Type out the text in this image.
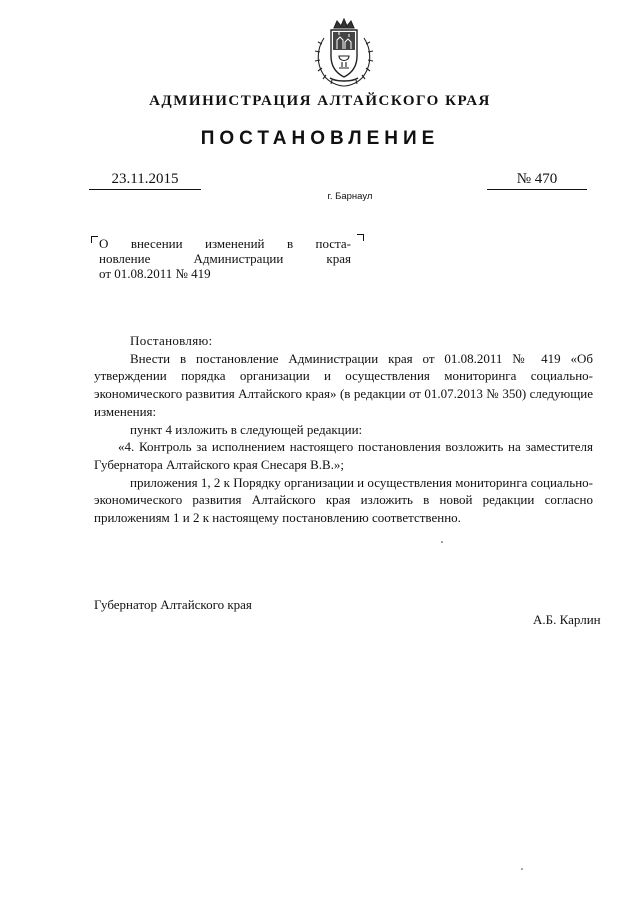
АДМИНИСТРАЦИЯ АЛТАЙСКОГО КРАЯ
ПОСТАНОВЛЕНИЕ
23.11.2015	№ 470
г. Барнаул
О внесении изменений в поста-
новление Администрации края
от 01.08.2011 № 419

Постановляю:

Внести в постановление Администрации края от 01.08.2011 № 419 «Об утверждении порядка организации и осуществления мониторинга социально-экономического развития Алтайского края» (в редакции от 01.07.2013 № 350) следующие изменения:

пункт 4 изложить в следующей редакции:

«4. Контроль за исполнением настоящего постановления возложить на заместителя Губернатора Алтайского края Снесаря В.В.»;

приложения 1, 2 к Порядку организации и осуществления мониторинга социально-экономического развития Алтайского края изложить в новой редакции согласно приложениям 1 и 2 к настоящему постановлению соответственно.

Губернатор Алтайского края
А.Б. Карлин
